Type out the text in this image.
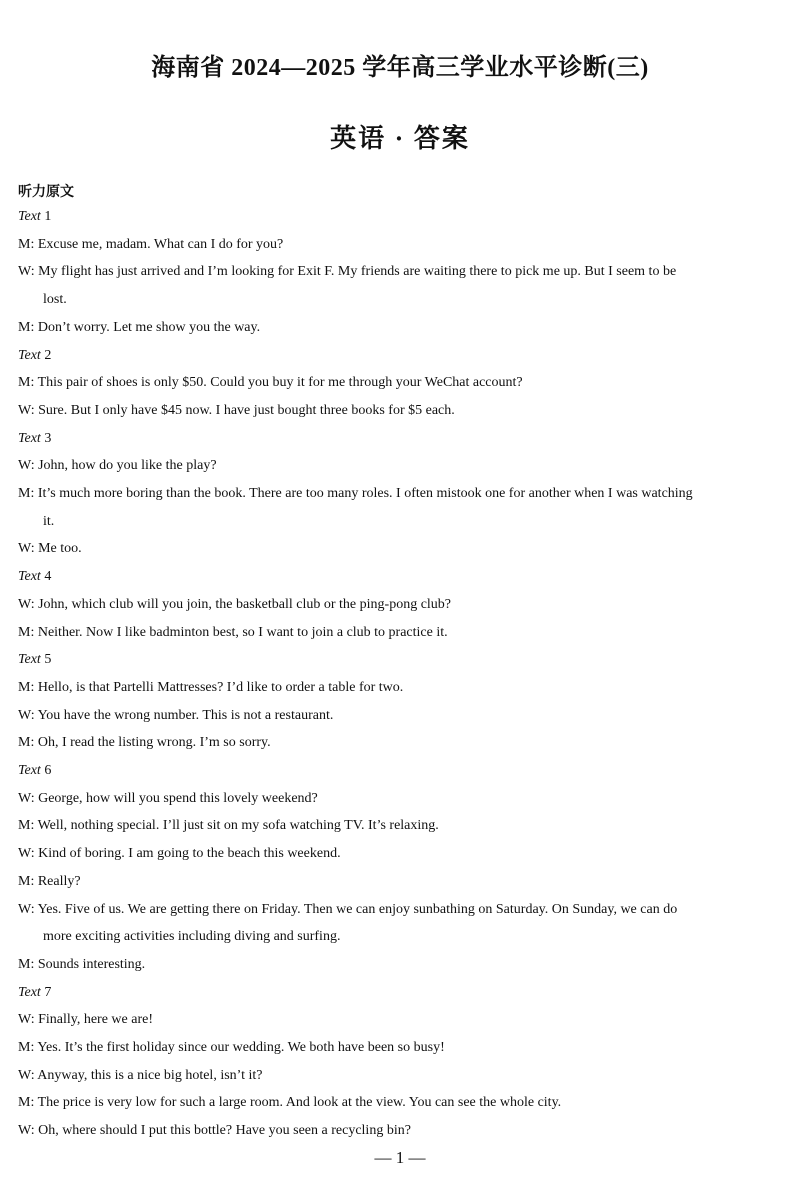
海南省 2024—2025 学年高三学业水平诊断(三)
英语 · 答案
听力原文
Text 1
M: Excuse me, madam. What can I do for you?
W: My flight has just arrived and I’m looking for Exit F. My friends are waiting there to pick me up. But I seem to be
lost.
M: Don’t worry. Let me show you the way.
Text 2
M: This pair of shoes is only $50. Could you buy it for me through your WeChat account?
W: Sure. But I only have $45 now. I have just bought three books for $5 each.
Text 3
W: John, how do you like the play?
M: It’s much more boring than the book. There are too many roles. I often mistook one for another when I was watching
it.
W: Me too.
Text 4
W: John, which club will you join, the basketball club or the ping-pong club?
M: Neither. Now I like badminton best, so I want to join a club to practice it.
Text 5
M: Hello, is that Partelli Mattresses? I’d like to order a table for two.
W: You have the wrong number. This is not a restaurant.
M: Oh, I read the listing wrong. I’m so sorry.
Text 6
W: George, how will you spend this lovely weekend?
M: Well, nothing special. I’ll just sit on my sofa watching TV. It’s relaxing.
W: Kind of boring. I am going to the beach this weekend.
M: Really?
W: Yes. Five of us. We are getting there on Friday. Then we can enjoy sunbathing on Saturday. On Sunday, we can do
more exciting activities including diving and surfing.
M: Sounds interesting.
Text 7
W: Finally, here we are!
M: Yes. It’s the first holiday since our wedding. We both have been so busy!
W: Anyway, this is a nice big hotel, isn’t it?
M: The price is very low for such a large room. And look at the view. You can see the whole city.
W: Oh, where should I put this bottle? Have you seen a recycling bin?
— 1 —
